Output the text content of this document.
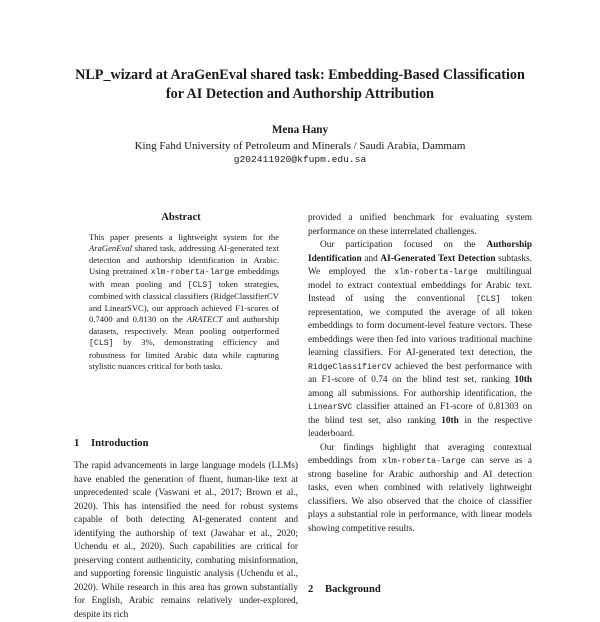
NLP_wizard at AraGenEval shared task: Embedding-Based Classification
for AI Detection and Authorship Attribution
Mena Hany
King Fahd University of Petroleum and Minerals / Saudi Arabia, Dammam
g202411920@kfupm.edu.sa
Abstract
This paper presents a lightweight system for the AraGenEval shared task, addressing AI-generated text detection and authorship identification in Arabic. Using pretrained xlm-roberta-large embeddings with mean pooling and [CLS] token strategies, combined with classical classifiers (RidgeClassifierCV and LinearSVC), our approach achieved F1-scores of 0.7400 and 0.8130 on the ARATECT and authorship datasets, respectively. Mean pooling outperformed [CLS] by 3%, demonstrating efficiency and robustness for limited Arabic data while capturing stylistic nuances critical for both tasks.
1 Introduction

The rapid advancements in large language models (LLMs) have enabled the generation of fluent, human-like text at unprecedented scale (Vaswani et al., 2017; Brown et al., 2020). This has intensified the need for robust systems capable of both detecting AI-generated content and identifying the authorship of text (Jawahar et al., 2020; Uchendu et al., 2020). Such capabilities are critical for preserving content authenticity, combating misinformation, and supporting forensic linguistic analysis (Uchendu et al., 2020). While research in this area has grown substantially for English, Arabic remains relatively under-explored, despite its rich

provided a unified benchmark for evaluating system performance on these interrelated challenges.

Our participation focused on the Authorship Identification and AI-Generated Text Detection subtasks. We employed the xlm-roberta-large multilingual model to extract contextual embeddings for Arabic text. Instead of using the conventional [CLS] token representation, we computed the average of all token embeddings to form document-level feature vectors. These embeddings were then fed into various traditional machine learning classifiers. For AI-generated text detection, the RidgeClassifierCV achieved the best performance with an F1-score of 0.74 on the blind test set, ranking 10th among all submissions. For authorship identification, the LinearSVC classifier attained an F1-score of 0.81303 on the blind test set, also ranking 10th in the respective leaderboard.

Our findings highlight that averaging contextual embeddings from xlm-roberta-large can serve as a strong baseline for Arabic authorship and AI detection tasks, even when combined with relatively lightweight classifiers. We also observed that the choice of classifier plays a substantial role in performance, with linear models showing competitive results.

2 Background
